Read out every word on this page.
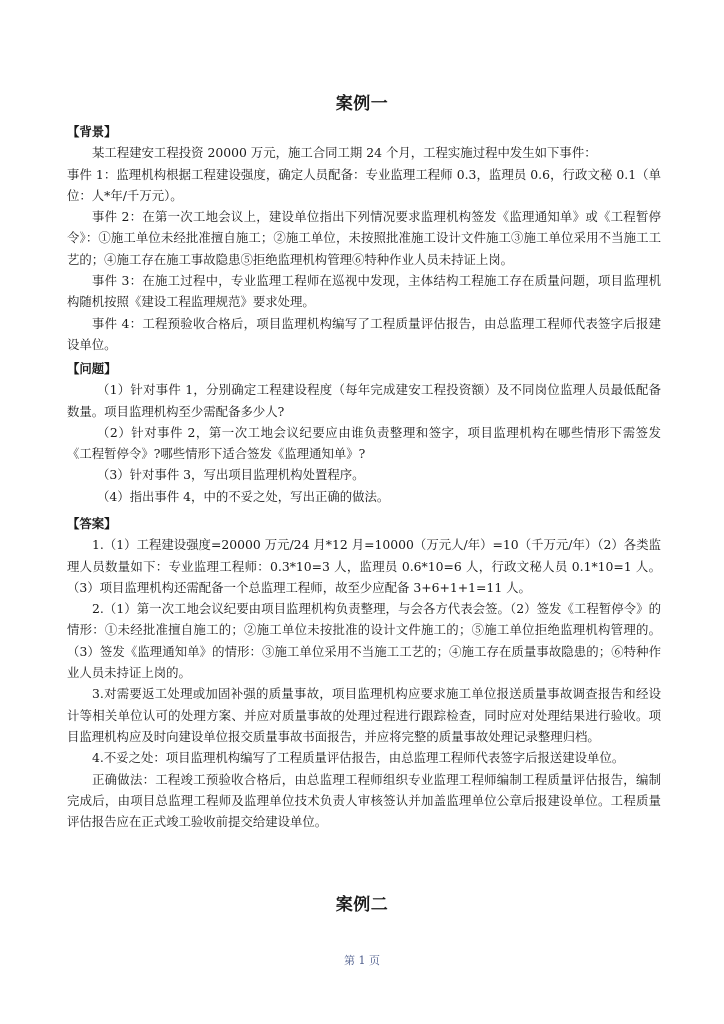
案例一
【背景】

某工程建安工程投资 20000 万元，施工合同工期 24 个月，工程实施过程中发生如下事件：

事件 1：监理机构根据工程建设强度，确定人员配备：专业监理工程师 0.3，监理员 0.6，行政文秘 0.1（单位：人*年/千万元）。

事件 2：在第一次工地会议上，建设单位指出下列情况要求监理机构签发《监理通知单》或《工程暂停令》：①施工单位未经批准擅自施工；②施工单位，未按照批准施工设计文件施工③施工单位采用不当施工工艺的；④施工存在施工事故隐患⑤拒绝监理机构管理⑥特种作业人员未持证上岗。

事件 3：在施工过程中，专业监理工程师在巡视中发现，主体结构工程施工存在质量问题，项目监理机构随机按照《建设工程监理规范》要求处理。

事件 4：工程预验收合格后，项目监理机构编写了工程质量评估报告，由总监理工程师代表签字后报建设单位。

【问题】

（1）针对事件 1，分别确定工程建设程度（每年完成建安工程投资额）及不同岗位监理人员最低配备数量。项目监理机构至少需配备多少人?

（2）针对事件 2，第一次工地会议纪要应由谁负责整理和签字，项目监理机构在哪些情形下需签发《工程暂停令》?哪些情形下适合签发《监理通知单》?

（3）针对事件 3，写出项目监理机构处置程序。

（4）指出事件 4，中的不妥之处，写出正确的做法。

【答案】

1.（1）工程建设强度=20000 万元/24 月*12 月=10000（万元人/年）=10（千万元/年）（2）各类监理人员数量如下：专业监理工程师：0.3*10=3 人，监理员 0.6*10=6 人，行政文秘人员 0.1*10=1 人。（3）项目监理机构还需配备一个总监理工程师，故至少应配备 3+6+1+1=11 人。

2.（1）第一次工地会议纪要由项目监理机构负责整理，与会各方代表会签。（2）签发《工程暂停令》的情形：①未经批准擅自施工的；②施工单位未按批准的设计文件施工的；⑤施工单位拒绝监理机构管理的。（3）签发《监理通知单》的情形：③施工单位采用不当施工工艺的；④施工存在质量事故隐患的；⑥特种作业人员未持证上岗的。

3.对需要返工处理或加固补强的质量事故，项目监理机构应要求施工单位报送质量事故调查报告和经设计等相关单位认可的处理方案、并应对质量事故的处理过程进行跟踪检查，同时应对处理结果进行验收。项目监理机构应及时向建设单位报交质量事故书面报告，并应将完整的质量事故处理记录整理归档。

4.不妥之处：项目监理机构编写了工程质量评估报告，由总监理工程师代表签字后报送建设单位。

正确做法：工程竣工预验收合格后，由总监理工程师组织专业监理工程师编制工程质量评估报告，编制完成后，由项目总监理工程师及监理单位技术负责人审核签认并加盖监理单位公章后报建设单位。工程质量评估报告应在正式竣工验收前提交给建设单位。

案例二
第 1 页
